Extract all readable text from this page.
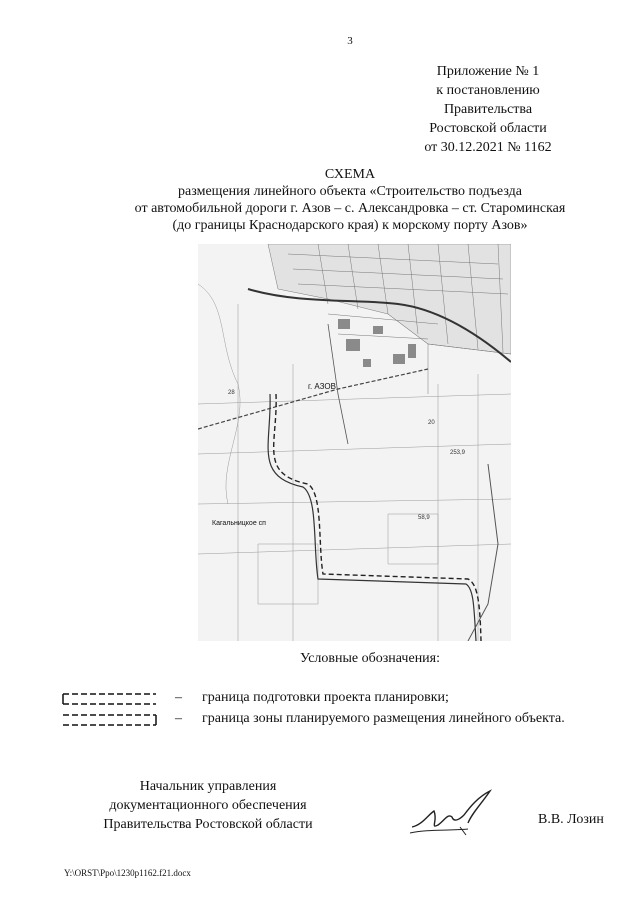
3
Приложение № 1
к постановлению
Правительства
Ростовской области
от 30.12.2021 № 1162
СХЕМА
размещения линейного объекта «Строительство подъезда
от автомобильной дороги г. Азов – с. Александровка – ст. Староминская
(до границы Краснодарского края) к морскому порту Азов»
г. АЗОВ
Кагальницкое сп
253,9
20
58,9
28
Условные обозначения:
– граница подготовки проекта планировки;
– граница зоны планируемого размещения линейного объекта.
Начальник управления
документационного обеспечения
Правительства Ростовской области	В.В. Лозин
Y:\ORST\Ppo\1230p1162.f21.docx
